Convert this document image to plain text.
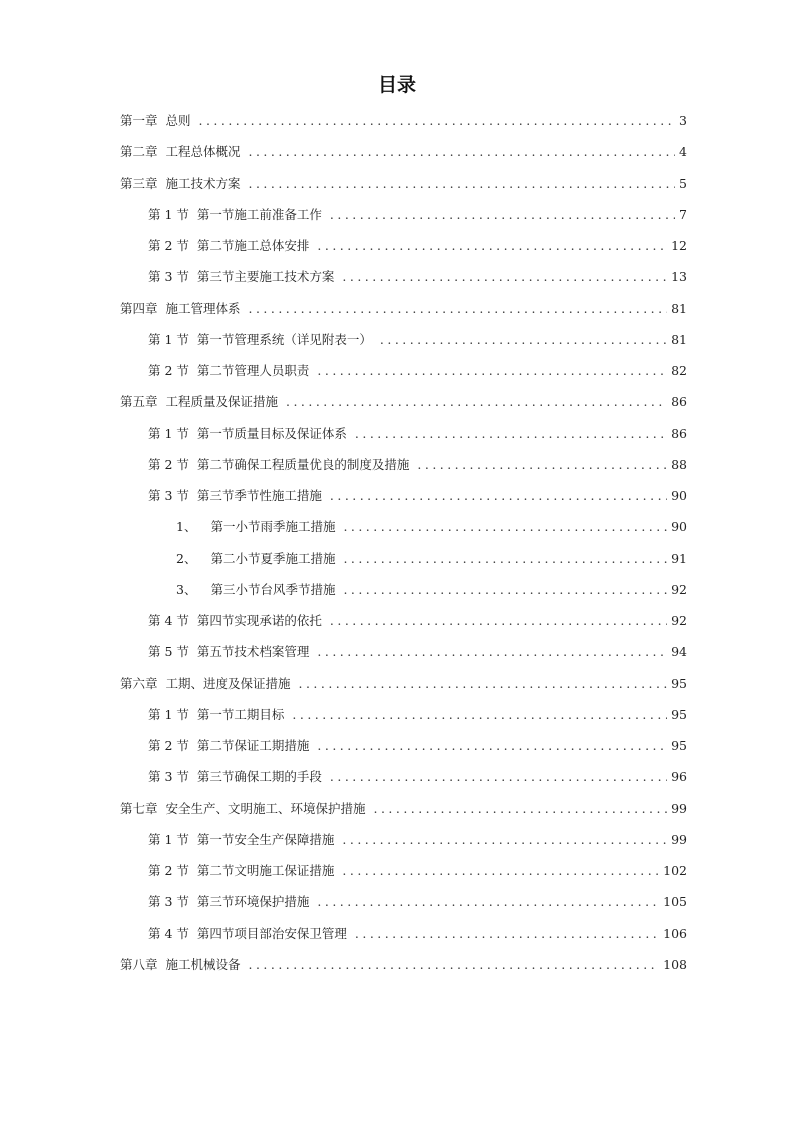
目录
第一章 总则 . . .	3
第二章 工程总体概况 . . .	4
第三章 施工技术方案 . . .	5
第 1 节 第一节施工前准备工作 . . .	7
第 2 节 第二节施工总体安排 . . .	12
第 3 节 第三节主要施工技术方案 . . .	13
第四章 施工管理体系 . . .	81
第 1 节 第一节管理系统（详见附表一） . . .	81
第 2 节 第二节管理人员职责 . . .	82
第五章 工程质量及保证措施 . . .	86
第 1 节 第一节质量目标及保证体系 . . .	86
第 2 节 第二节确保工程质量优良的制度及措施 . . .	88
第 3 节 第三节季节性施工措施 . . .	90
1、 第一小节雨季施工措施 . . .	90
2、 第二小节夏季施工措施 . . .	91
3、 第三小节台风季节措施 . . .	92
第 4 节 第四节实现承诺的依托 . . .	92
第 5 节 第五节技术档案管理 . . .	94
第六章 工期、进度及保证措施 . . .	95
第 1 节 第一节工期目标 . . .	95
第 2 节 第二节保证工期措施 . . .	95
第 3 节 第三节确保工期的手段 . . .	96
第七章 安全生产、文明施工、环境保护措施 . . .	99
第 1 节 第一节安全生产保障措施 . . .	99
第 2 节 第二节文明施工保证措施 . . .	102
第 3 节 第三节环境保护措施 . . .	105
第 4 节 第四节项目部治安保卫管理 . . .	106
第八章 施工机械设备 . . .	108
